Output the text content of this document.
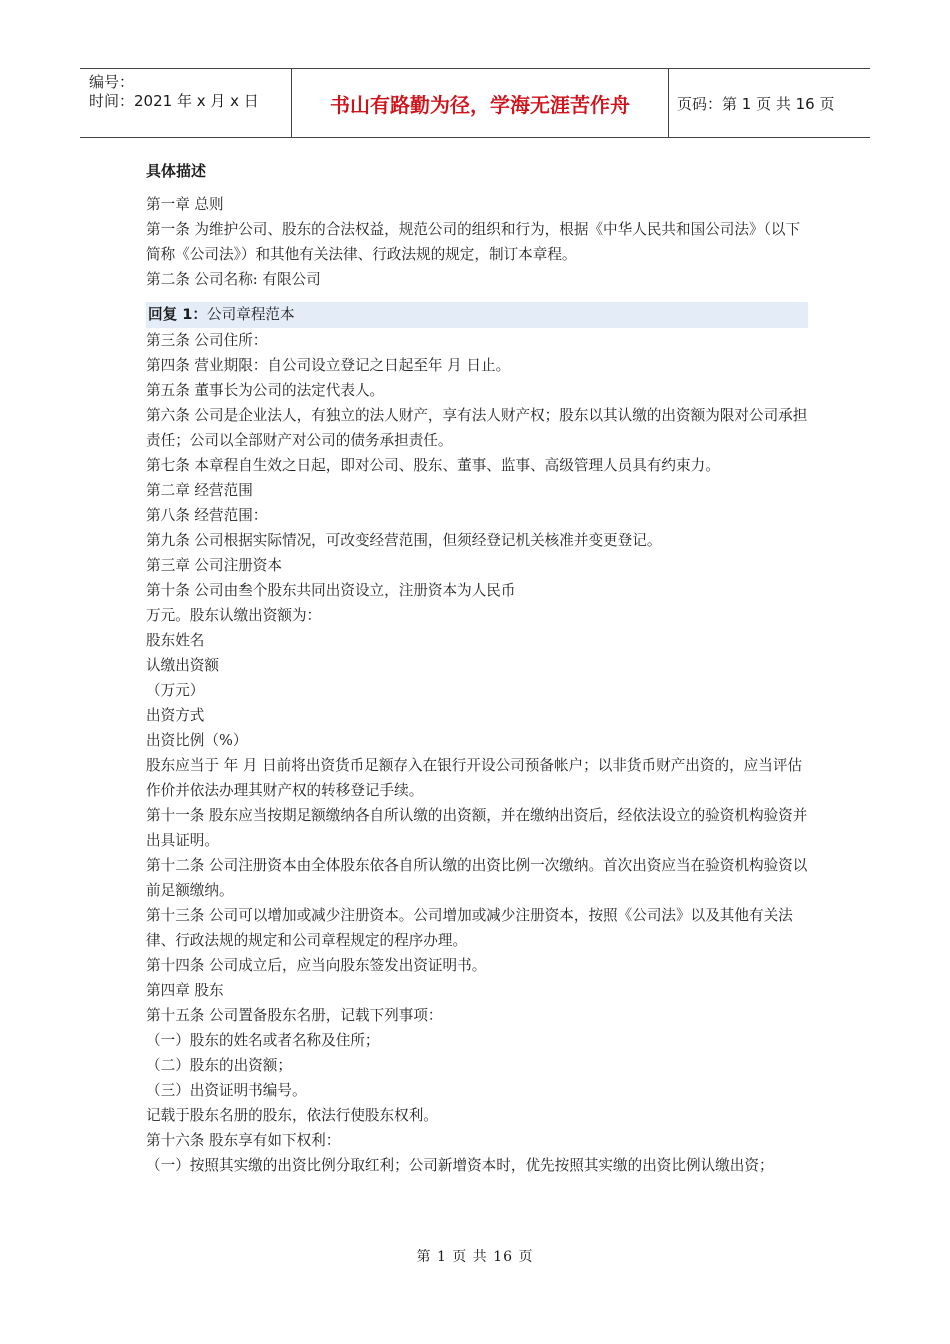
编号：
时间：2021 年 x 月 x 日	书山有路勤为径，学海无涯苦作舟	页码：第 1 页 共 16 页
具体描述

第一章 总则

第一条 为维护公司、股东的合法权益，规范公司的组织和行为，根据《中华人民共和国公司法》（以下简称《公司法》）和其他有关法律、行政法规的规定，制订本章程。

第二条 公司名称: 有限公司

回复 1：公司章程范本

第三条 公司住所：

第四条 营业期限：自公司设立登记之日起至年 月 日止。

第五条 董事长为公司的法定代表人。

第六条 公司是企业法人，有独立的法人财产，享有法人财产权；股东以其认缴的出资额为限对公司承担责任；公司以全部财产对公司的债务承担责任。

第七条 本章程自生效之日起，即对公司、股东、董事、监事、高级管理人员具有约束力。

第二章 经营范围

第八条 经营范围：

第九条 公司根据实际情况，可改变经营范围，但须经登记机关核准并变更登记。

第三章 公司注册资本

第十条 公司由叁个股东共同出资设立，注册资本为人民币

万元。股东认缴出资额为：

股东姓名

认缴出资额

（万元）

出资方式

出资比例（%）

股东应当于 年 月 日前将出资货币足额存入在银行开设公司预备帐户；以非货币财产出资的，应当评估作价并依法办理其财产权的转移登记手续。

第十一条 股东应当按期足额缴纳各自所认缴的出资额，并在缴纳出资后，经依法设立的验资机构验资并出具证明。

第十二条 公司注册资本由全体股东依各自所认缴的出资比例一次缴纳。首次出资应当在验资机构验资以前足额缴纳。

第十三条 公司可以增加或减少注册资本。公司增加或减少注册资本，按照《公司法》以及其他有关法律、行政法规的规定和公司章程规定的程序办理。

第十四条 公司成立后，应当向股东签发出资证明书。

第四章 股东

第十五条 公司置备股东名册，记载下列事项：

（一）股东的姓名或者名称及住所；

（二）股东的出资额；

（三）出资证明书编号。

记载于股东名册的股东，依法行使股东权利。

第十六条 股东享有如下权利：

（一）按照其实缴的出资比例分取红利；公司新增资本时，优先按照其实缴的出资比例认缴出资；

第 1 页 共 16 页
